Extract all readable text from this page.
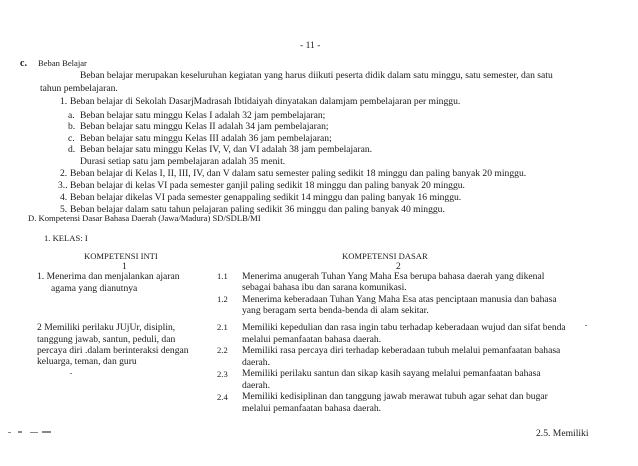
- 11 -
c. Beban Belajar
Beban belajar merupakan keseluruhan kegiatan yang harus diikuti peserta didik dalam satu minggu, satu semester, dan satu
tahun pembelajaran.
1. Beban belajar di Sekolah DasarjMadrasah Ibtidaiyah dinyatakan dalamjam pembelajaran per minggu.
a. Beban belajar satu minggu Kelas I adalah 32 jam pembelajaran;
b. Beban belajar satu minggu Kelas II adalah 34 jam pembelajaran;
c. Beban belajar satu minggu Kelas III adalah 36 jam pembelajaran;
d. Beban belajar satu minggu Kelas IV, V, dan VI adalah 38 jam pembelajaran.
Durasi setiap satu jam pembelajaran adalah 35 menit.
2. Beban belajar di Kelas I, II, III, IV, dan V dalam satu semester paling sedikit 18 minggu dan paling banyak 20 minggu.
3.. Beban belajar di kelas VI pada semester ganjil paling sedikit 18 minggu dan paling banyak 20 minggu.
4. Beban belajar dikelas VI pada semester genappaling sedikit 14 minggu dan paling banyak 16 minggu.
5. Beban belajar dalam satu tahun pelajaran paling sedikit 36 minggu dan paling banyak 40 minggu.
D. Kompetensi Dasar Bahasa Daerah (Jawa/Madura) SD/SDLB/MI
1. KELAS: I
KOMPETENSI INTI
1
KOMPETENSI DASAR
2
1. Menerima dan menjalankan ajaran
agama yang dianutnya
1.1 Menerima anugerah Tuhan Yang Maha Esa berupa bahasa daerah yang dikenal
sebagai bahasa ibu dan sarana komunikasi.
1.2 Menerima keberadaan Tuhan Yang Maha Esa atas penciptaan manusia dan bahasa
yang beragam serta benda-benda di alam sekitar.
2 Memiliki perilaku JUjUr, disiplin,
tanggung jawab, santun, peduli, dan
percaya diri .dalam berinteraksi dengan
keluarga, teman, dan guru
2.1 Memiliki kepedulian dan rasa ingin tabu terhadap keberadaan wujud dan sifat benda
melalui pemanfaatan bahasa daerah.
2.2 Memiliki rasa percaya diri terhadap keberadaan tubuh melalui pemanfaatan bahasa
daerah.
2.3 Memiliki perilaku santun dan sikap kasih sayang melalui pemanfaatan bahasa
daerah.
2.4 Memiliki kedisiplinan dan tanggung jawab merawat tubuh agar sehat dan bugar
melalui pemanfaatan bahasa daerah.
2.5. Memiliki
